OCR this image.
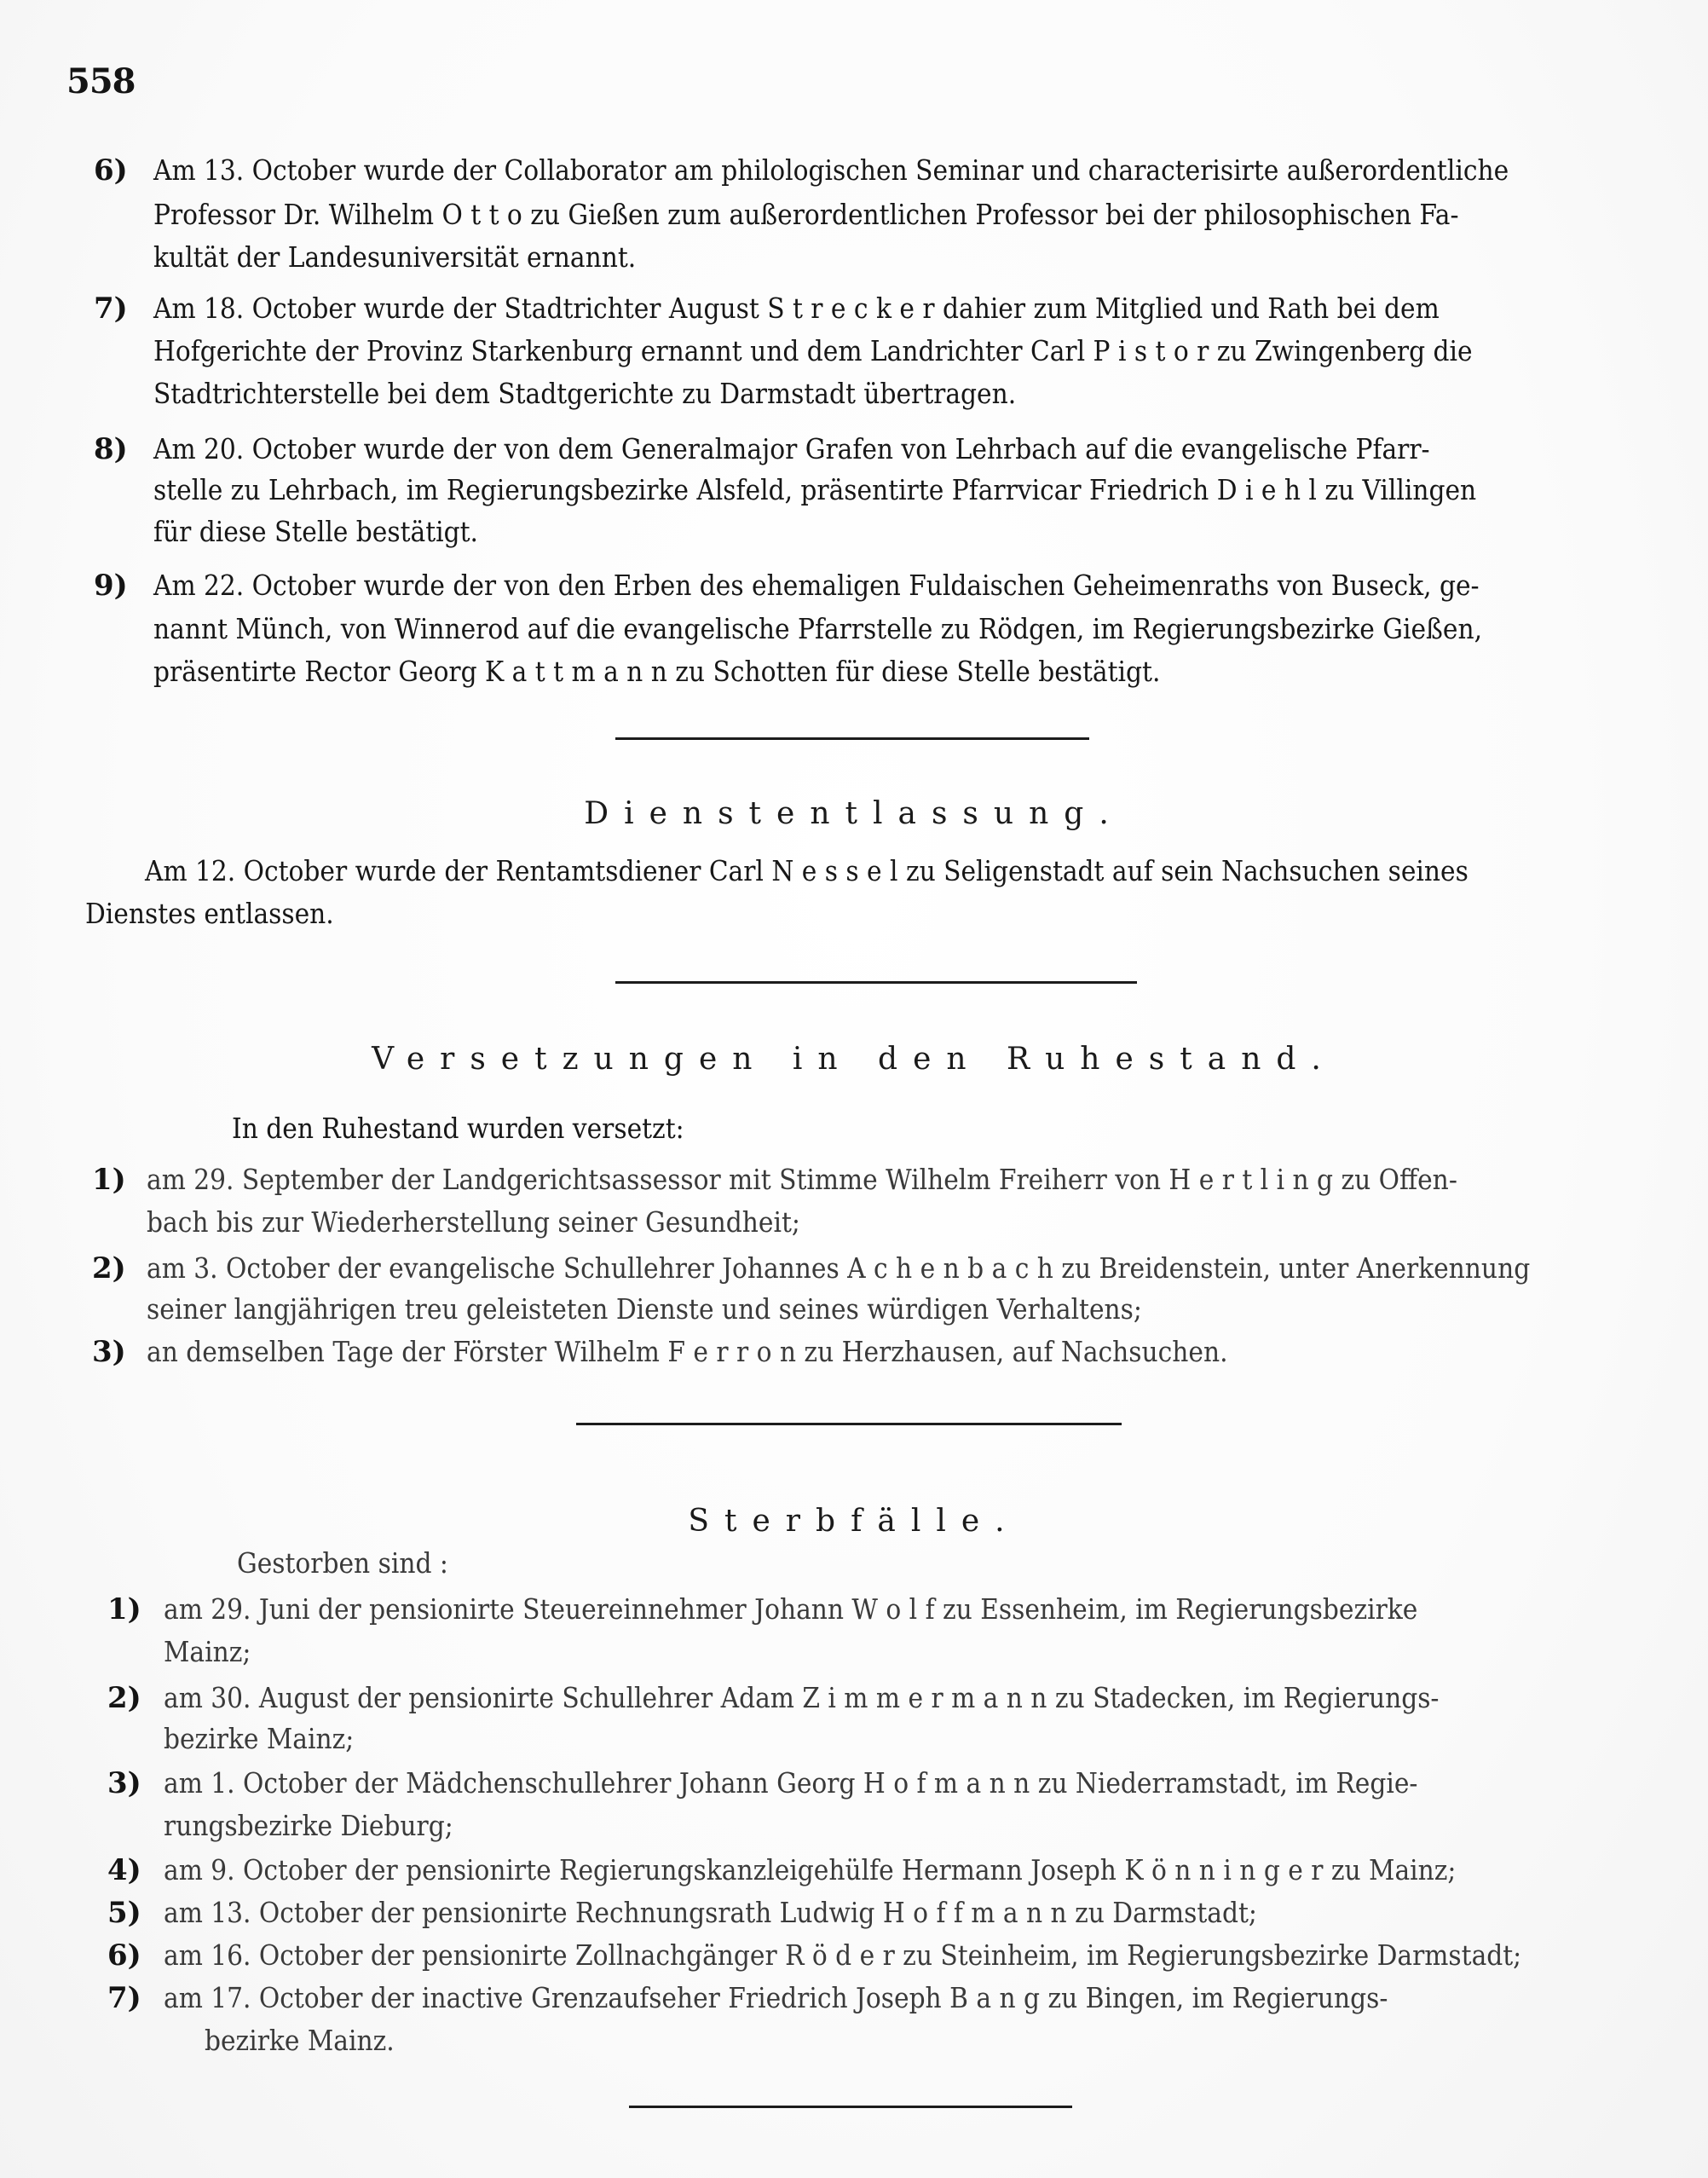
558
6) Am 13. October wurde der Collaborator am philologischen Seminar und characterisirte außerordentliche
Professor Dr. Wilhelm O t t o zu Gießen zum außerordentlichen Professor bei der philosophischen Fa-
kultät der Landesuniversität ernannt.
7) Am 18. October wurde der Stadtrichter August S t r e c k e r dahier zum Mitglied und Rath bei dem
Hofgerichte der Provinz Starkenburg ernannt und dem Landrichter Carl P i s t o r zu Zwingenberg die
Stadtrichterstelle bei dem Stadtgerichte zu Darmstadt übertragen.
8) Am 20. October wurde der von dem Generalmajor Grafen von Lehrbach auf die evangelische Pfarr-
stelle zu Lehrbach, im Regierungsbezirke Alsfeld, präsentirte Pfarrvicar Friedrich D i e h l zu Villingen
für diese Stelle bestätigt.
9) Am 22. October wurde der von den Erben des ehemaligen Fuldaischen Geheimenraths von Buseck, ge-
nannt Münch, von Winnerod auf die evangelische Pfarrstelle zu Rödgen, im Regierungsbezirke Gießen,
präsentirte Rector Georg K a t t m a n n zu Schotten für diese Stelle bestätigt.
Dienstentlassung.
Am 12. October wurde der Rentamtsdiener Carl N e s s e l zu Seligenstadt auf sein Nachsuchen seines
Dienstes entlassen.
Versetzungen in den Ruhestand.
In den Ruhestand wurden versetzt:
1) am 29. September der Landgerichtsassessor mit Stimme Wilhelm Freiherr von H e r t l i n g zu Offen-
bach bis zur Wiederherstellung seiner Gesundheit;
2) am 3. October der evangelische Schullehrer Johannes A c h e n b a c h zu Breidenstein, unter Anerkennung
seiner langjährigen treu geleisteten Dienste und seines würdigen Verhaltens;
3) an demselben Tage der Förster Wilhelm F e r r o n zu Herzhausen, auf Nachsuchen.
Sterbfälle.
Gestorben sind :
1) am 29. Juni der pensionirte Steuereinnehmer Johann W o l f zu Essenheim, im Regierungsbezirke
Mainz;
2) am 30. August der pensionirte Schullehrer Adam Z i m m e r m a n n zu Stadecken, im Regierungs-
bezirke Mainz;
3) am 1. October der Mädchenschullehrer Johann Georg H o f m a n n zu Niederramstadt, im Regie-
rungsbezirke Dieburg;
4) am 9. October der pensionirte Regierungskanzleigehülfe Hermann Joseph K ö n n i n g e r zu Mainz;
5) am 13. October der pensionirte Rechnungsrath Ludwig H o f f m a n n zu Darmstadt;
6) am 16. October der pensionirte Zollnachgänger R ö d e r zu Steinheim, im Regierungsbezirke Darmstadt;
7) am 17. October der inactive Grenzaufseher Friedrich Joseph B a n g zu Bingen, im Regierungs-
bezirke Mainz.
